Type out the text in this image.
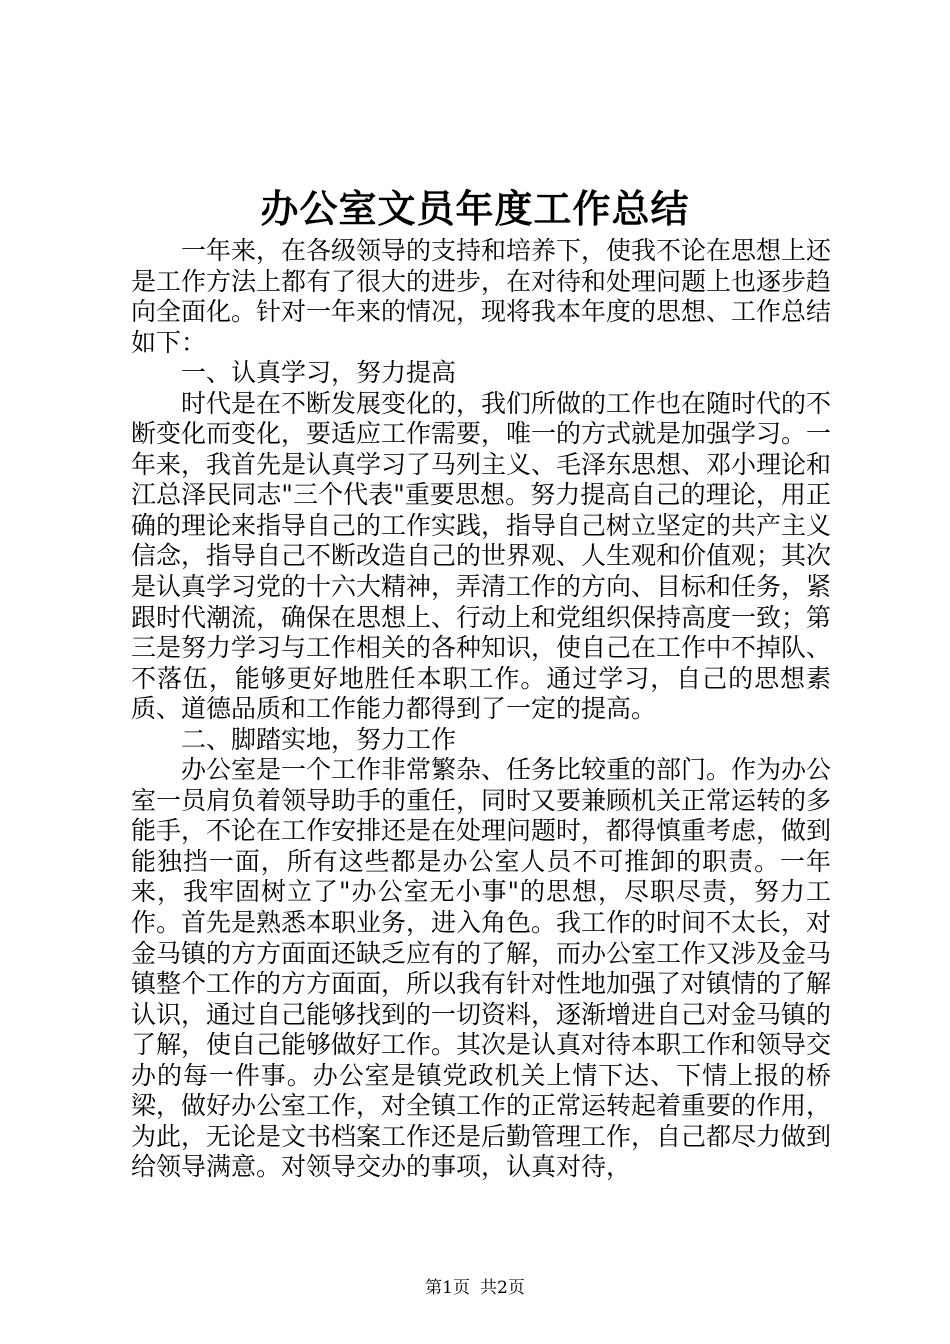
办公室文员年度工作总结

一年来，在各级领导的支持和培养下，使我不论在思想上还是工作方法上都有了很大的进步，在对待和处理问题上也逐步趋向全面化。针对一年来的情况，现将我本年度的思想、工作总结如下：

一、认真学习，努力提高

时代是在不断发展变化的，我们所做的工作也在随时代的不断变化而变化，要适应工作需要，唯一的方式就是加强学习。一年来，我首先是认真学习了马列主义、毛泽东思想、邓小理论和江总泽民同志"三个代表"重要思想。努力提高自己的理论，用正确的理论来指导自己的工作实践，指导自己树立坚定的共产主义信念，指导自己不断改造自己的世界观、人生观和价值观；其次是认真学习党的十六大精神，弄清工作的方向、目标和任务，紧跟时代潮流，确保在思想上、行动上和党组织保持高度一致；第三是努力学习与工作相关的各种知识，使自己在工作中不掉队、不落伍，能够更好地胜任本职工作。通过学习，自己的思想素质、道德品质和工作能力都得到了一定的提高。

二、脚踏实地，努力工作

办公室是一个工作非常繁杂、任务比较重的部门。作为办公室一员肩负着领导助手的重任，同时又要兼顾机关正常运转的多能手，不论在工作安排还是在处理问题时，都得慎重考虑，做到能独挡一面，所有这些都是办公室人员不可推卸的职责。一年来，我牢固树立了"办公室无小事"的思想，尽职尽责，努力工作。首先是熟悉本职业务，进入角色。我工作的时间不太长，对金马镇的方方面面还缺乏应有的了解，而办公室工作又涉及金马镇整个工作的方方面面，所以我有针对性地加强了对镇情的了解认识，通过自己能够找到的一切资料，逐渐增进自己对金马镇的了解，使自己能够做好工作。其次是认真对待本职工作和领导交办的每一件事。办公室是镇党政机关上情下达、下情上报的桥梁，做好办公室工作，对全镇工作的正常运转起着重要的作用，为此，无论是文书档案工作还是后勤管理工作，自己都尽力做到给领导满意。对领导交办的事项，认真对待，

第1页 共2页
